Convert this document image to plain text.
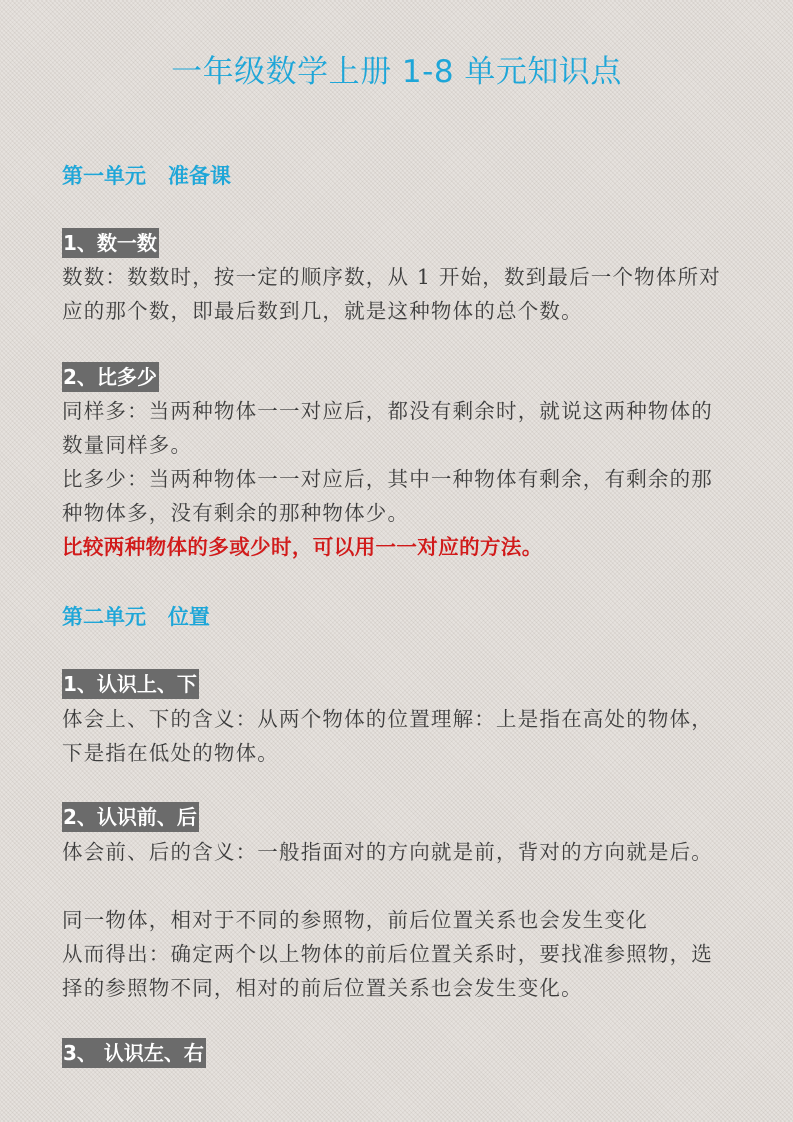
一年级数学上册 1-8 单元知识点
第一单元   准备课
1、数一数

数数：数数时，按一定的顺序数，从 1 开始，数到最后一个物体所对应的那个数，即最后数到几，就是这种物体的总个数。

2、比多少

同样多：当两种物体一一对应后，都没有剩余时，就说这两种物体的数量同样多。

比多少：当两种物体一一对应后，其中一种物体有剩余，有剩余的那种物体多，没有剩余的那种物体少。

比较两种物体的多或少时，可以用一一对应的方法。

第二单元   位置
1、认识上、下

体会上、下的含义：从两个物体的位置理解：上是指在高处的物体，下是指在低处的物体。

2、认识前、后

体会前、后的含义：一般指面对的方向就是前，背对的方向就是后。

同一物体，相对于不同的参照物，前后位置关系也会发生变化

从而得出：确定两个以上物体的前后位置关系时，要找准参照物，选择的参照物不同，相对的前后位置关系也会发生变化。

3、 认识左、右
